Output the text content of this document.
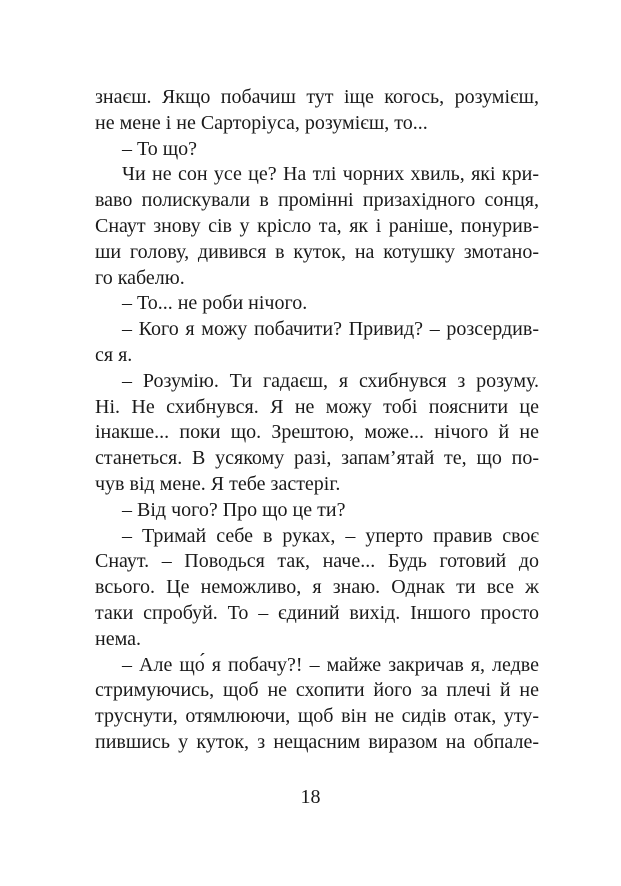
знаєш. Якщо побачиш тут іще когось, розумієш,
не мене і не Сарторіуса, розумієш, то...
– То що?
Чи не сон усе це? На тлі чорних хвиль, які кри-
ваво полискували в промінні призахідного сонця,
Снаут знову сів у крісло та, як і раніше, понурив-
ши голову, дивився в куток, на котушку змотано-
го кабелю.
– То... не роби нічого.
– Кого я можу побачити? Привид? – розсердив-
ся я.
– Розумію. Ти гадаєш, я схибнувся з розуму.
Ні. Не схибнувся. Я не можу тобі пояснити це
інакше... поки що. Зрештою, може... нічого й не
станеться. В усякому разі, запам’ятай те, що по-
чув від мене. Я тебе застеріг.
– Від чого? Про що це ти?
– Тримай себе в руках, – уперто правив своє
Снаут. – Поводься так, наче... Будь готовий до
всього. Це неможливо, я знаю. Однак ти все ж
таки спробуй. То – єдиний вихід. Іншого просто
нема.
– Але що́ я побачу?! – майже закричав я, ледве
стримуючись, щоб не схопити його за плечі й не
труснути, отямлюючи, щоб він не сидів отак, уту-
пившись у куток, з нещасним виразом на обпале-
18
